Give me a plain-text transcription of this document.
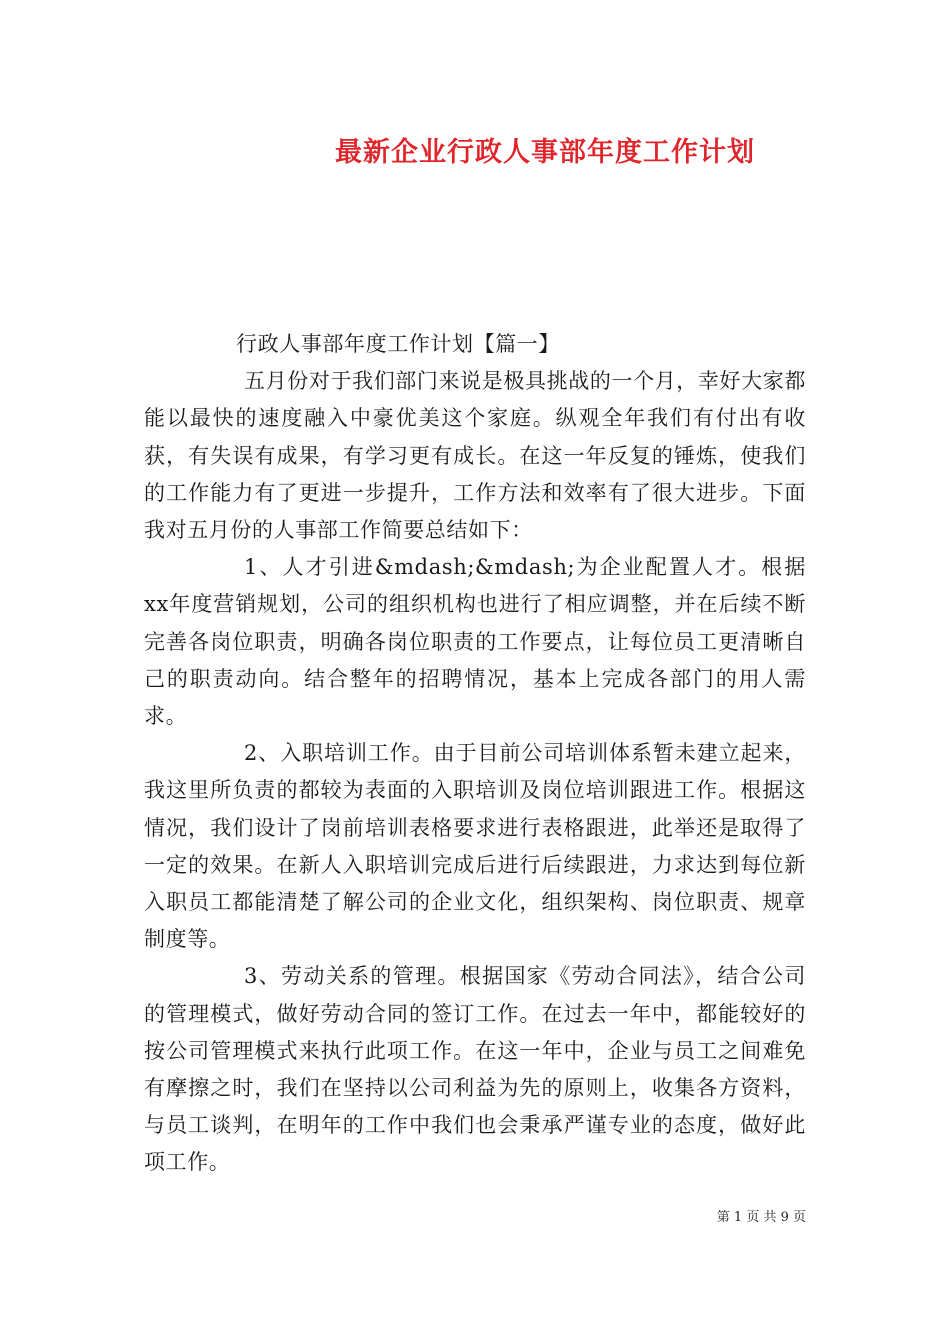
最新企业行政人事部年度工作计划

行政人事部年度工作计划【篇一】

五月份对于我们部门来说是极具挑战的一个月，幸好大家都能以最快的速度融入中豪优美这个家庭。纵观全年我们有付出有收获，有失误有成果，有学习更有成长。在这一年反复的锤炼，使我们的工作能力有了更进一步提升，工作方法和效率有了很大进步。下面我对五月份的人事部工作简要总结如下：

1、人才引进&mdash;&mdash;为企业配置人才。根据xx年度营销规划，公司的组织机构也进行了相应调整，并在后续不断完善各岗位职责，明确各岗位职责的工作要点，让每位员工更清晰自己的职责动向。结合整年的招聘情况，基本上完成各部门的用人需求。

2、入职培训工作。由于目前公司培训体系暂未建立起来，我这里所负责的都较为表面的入职培训及岗位培训跟进工作。根据这情况，我们设计了岗前培训表格要求进行表格跟进，此举还是取得了一定的效果。在新人入职培训完成后进行后续跟进，力求达到每位新入职员工都能清楚了解公司的企业文化，组织架构、岗位职责、规章制度等。

3、劳动关系的管理。根据国家《劳动合同法》，结合公司的管理模式，做好劳动合同的签订工作。在过去一年中，都能较好的按公司管理模式来执行此项工作。在这一年中，企业与员工之间难免有摩擦之时，我们在坚持以公司利益为先的原则上，收集各方资料，与员工谈判，在明年的工作中我们也会秉承严谨专业的态度，做好此项工作。

第 1 页 共 9 页
